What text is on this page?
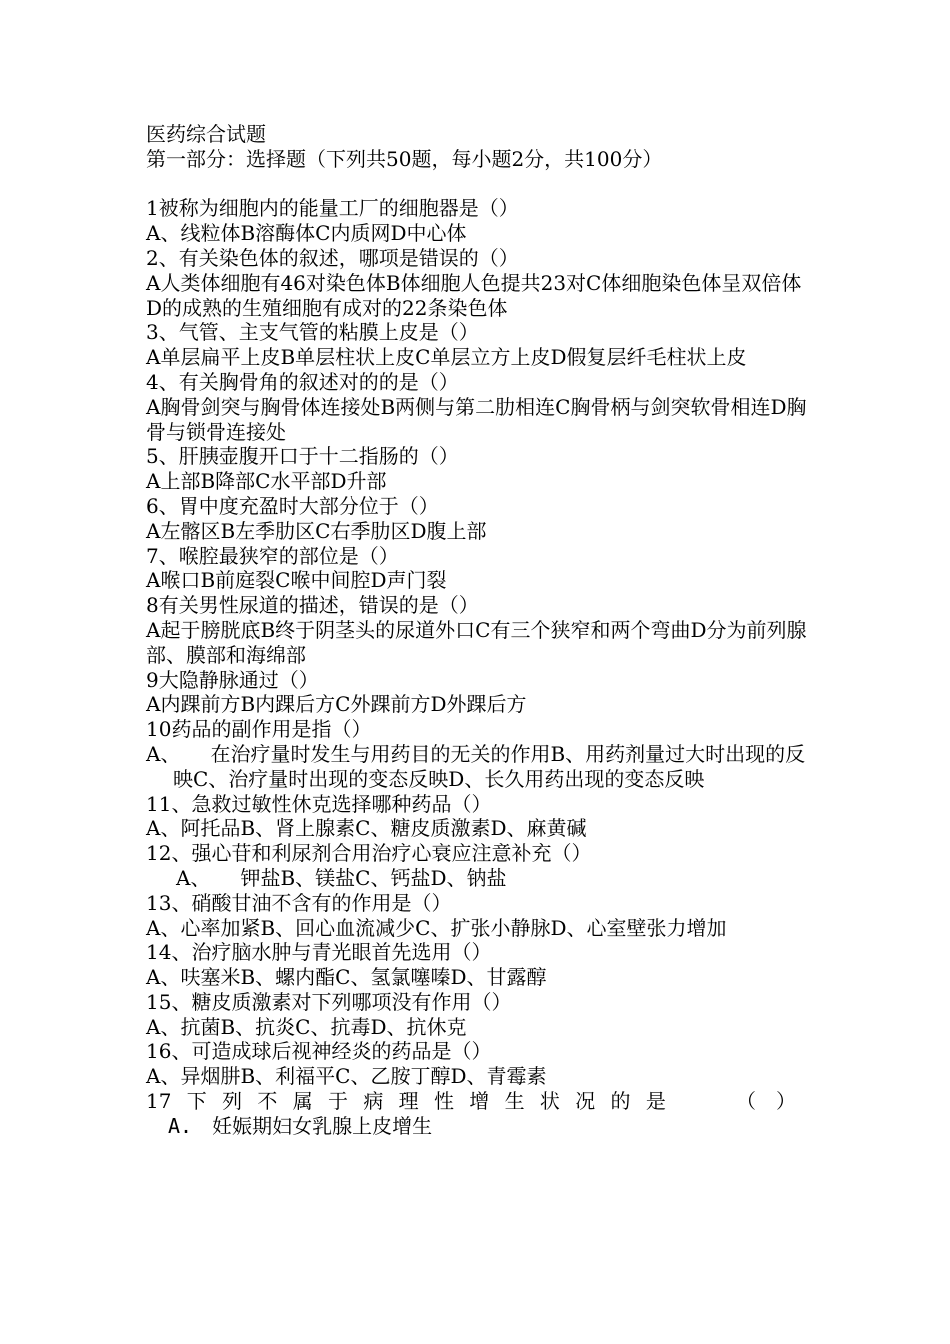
医药综合试题
第一部分：选择题（下列共50题，每小题2分，共100分）
1被称为细胞内的能量工厂的细胞器是（）
A、线粒体B溶酶体C内质网D中心体
2、有关染色体的叙述，哪项是错误的（）
A人类体细胞有46对染色体B体细胞人色提共23对C体细胞染色体呈双倍体
D的成熟的生殖细胞有成对的22条染色体
3、气管、主支气管的粘膜上皮是（）
A单层扁平上皮B单层柱状上皮C单层立方上皮D假复层纤毛柱状上皮
4、有关胸骨角的叙述对的的是（）
A胸骨剑突与胸骨体连接处B两侧与第二肋相连C胸骨柄与剑突软骨相连D胸骨与锁骨连接处
5、肝胰壶腹开口于十二指肠的（）
A上部B降部C水平部D升部
6、胃中度充盈时大部分位于（）
A左髂区B左季肋区C右季肋区D腹上部
7、喉腔最狭窄的部位是（）
A喉口B前庭裂C喉中间腔D声门裂
8有关男性尿道的描述，错误的是（）
A起于膀胱底B终于阴茎头的尿道外口C有三个狭窄和两个弯曲D分为前列腺部、膜部和海绵部
9大隐静脉通过（）
A内踝前方B内踝后方C外踝前方D外踝后方
10药品的副作用是指（）
A、　　在治疗量时发生与用药目的无关的作用B、用药剂量过大时出现的反映C、治疗量时出现的变态反映D、长久用药出现的变态反映
11、急救过敏性休克选择哪种药品（）
A、阿托品B、肾上腺素C、糖皮质激素D、麻黄碱
12、强心苷和利尿剂合用治疗心衰应注意补充（）
A、　　钾盐B、镁盐C、钙盐D、钠盐
13、硝酸甘油不含有的作用是（）
A、心率加紧B、回心血流减少C、扩张小静脉D、心室壁张力增加
14、治疗脑水肿与青光眼首先选用（）
A、呋塞米B、螺内酯C、氢氯噻嗪D、甘露醇
15、糖皮质激素对下列哪项没有作用（）
A、抗菌B、抗炎C、抗毒D、抗休克
16、可造成球后视神经炎的药品是（）
A、异烟肼B、利福平C、乙胺丁醇D、青霉素
17 下 列 不 属 于 病 理 性 增 生 状 况 的 是	（　）
A.　妊娠期妇女乳腺上皮增生
